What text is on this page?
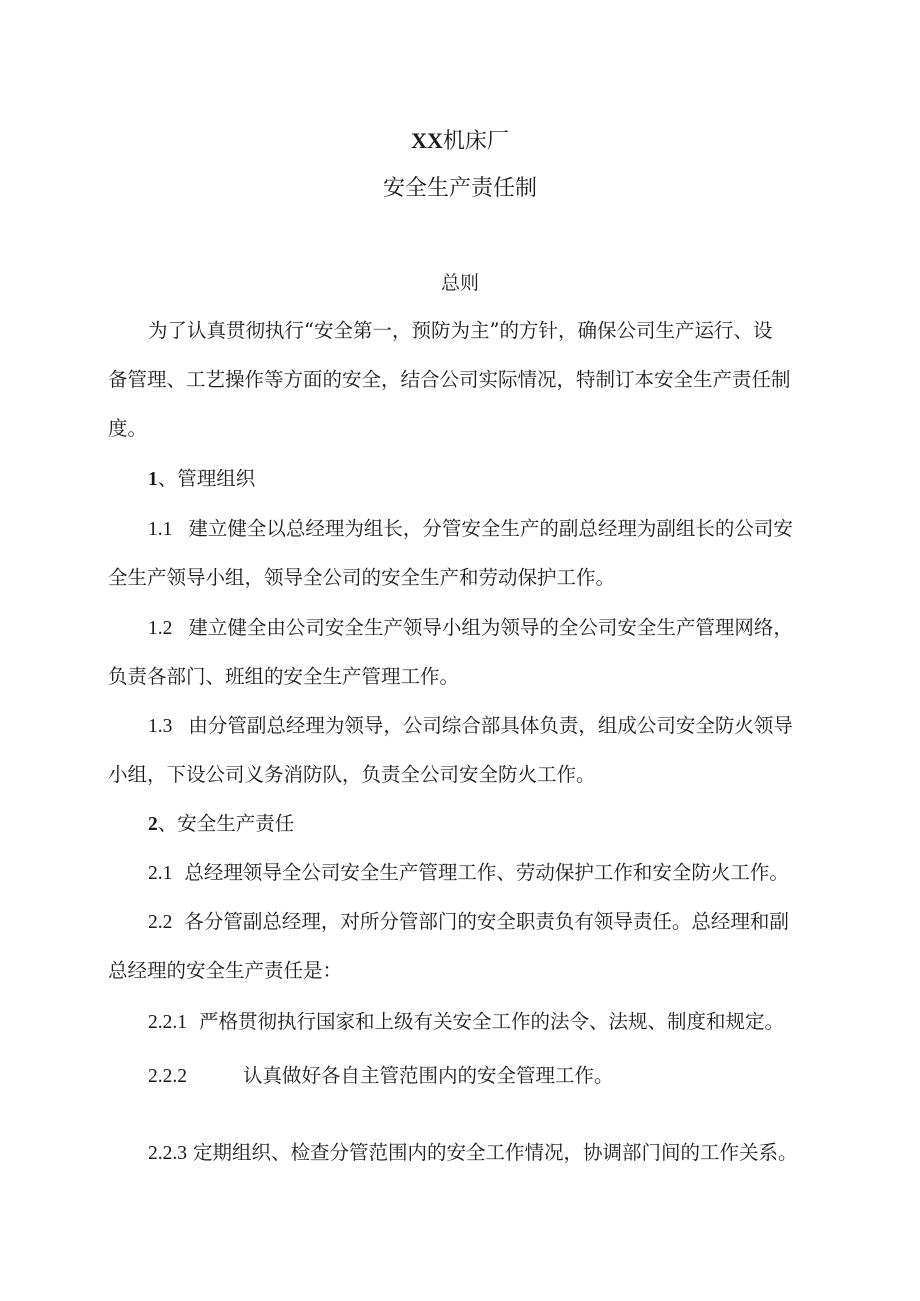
XX机床厂
安全生产责任制
总则
为了认真贯彻执行“安全第一，预防为主”的方针，确保公司生产运行、设
备管理、工艺操作等方面的安全，结合公司实际情况，特制订本安全生产责任制
度。
1、管理组织
1.1 建立健全以总经理为组长，分管安全生产的副总经理为副组长的公司安
全生产领导小组，领导全公司的安全生产和劳动保护工作。
1.2 建立健全由公司安全生产领导小组为领导的全公司安全生产管理网络，
负责各部门、班组的安全生产管理工作。
1.3 由分管副总经理为领导，公司综合部具体负责，组成公司安全防火领导
小组，下设公司义务消防队，负责全公司安全防火工作。
2、安全生产责任
2.1 总经理领导全公司安全生产管理工作、劳动保护工作和安全防火工作。
2.2 各分管副总经理，对所分管部门的安全职责负有领导责任。总经理和副
总经理的安全生产责任是：
2.2.1 严格贯彻执行国家和上级有关安全工作的法令、法规、制度和规定。
2.2.2	认真做好各自主管范围内的安全管理工作。
2.2.3 定期组织、检查分管范围内的安全工作情况，协调部门间的工作关系。
